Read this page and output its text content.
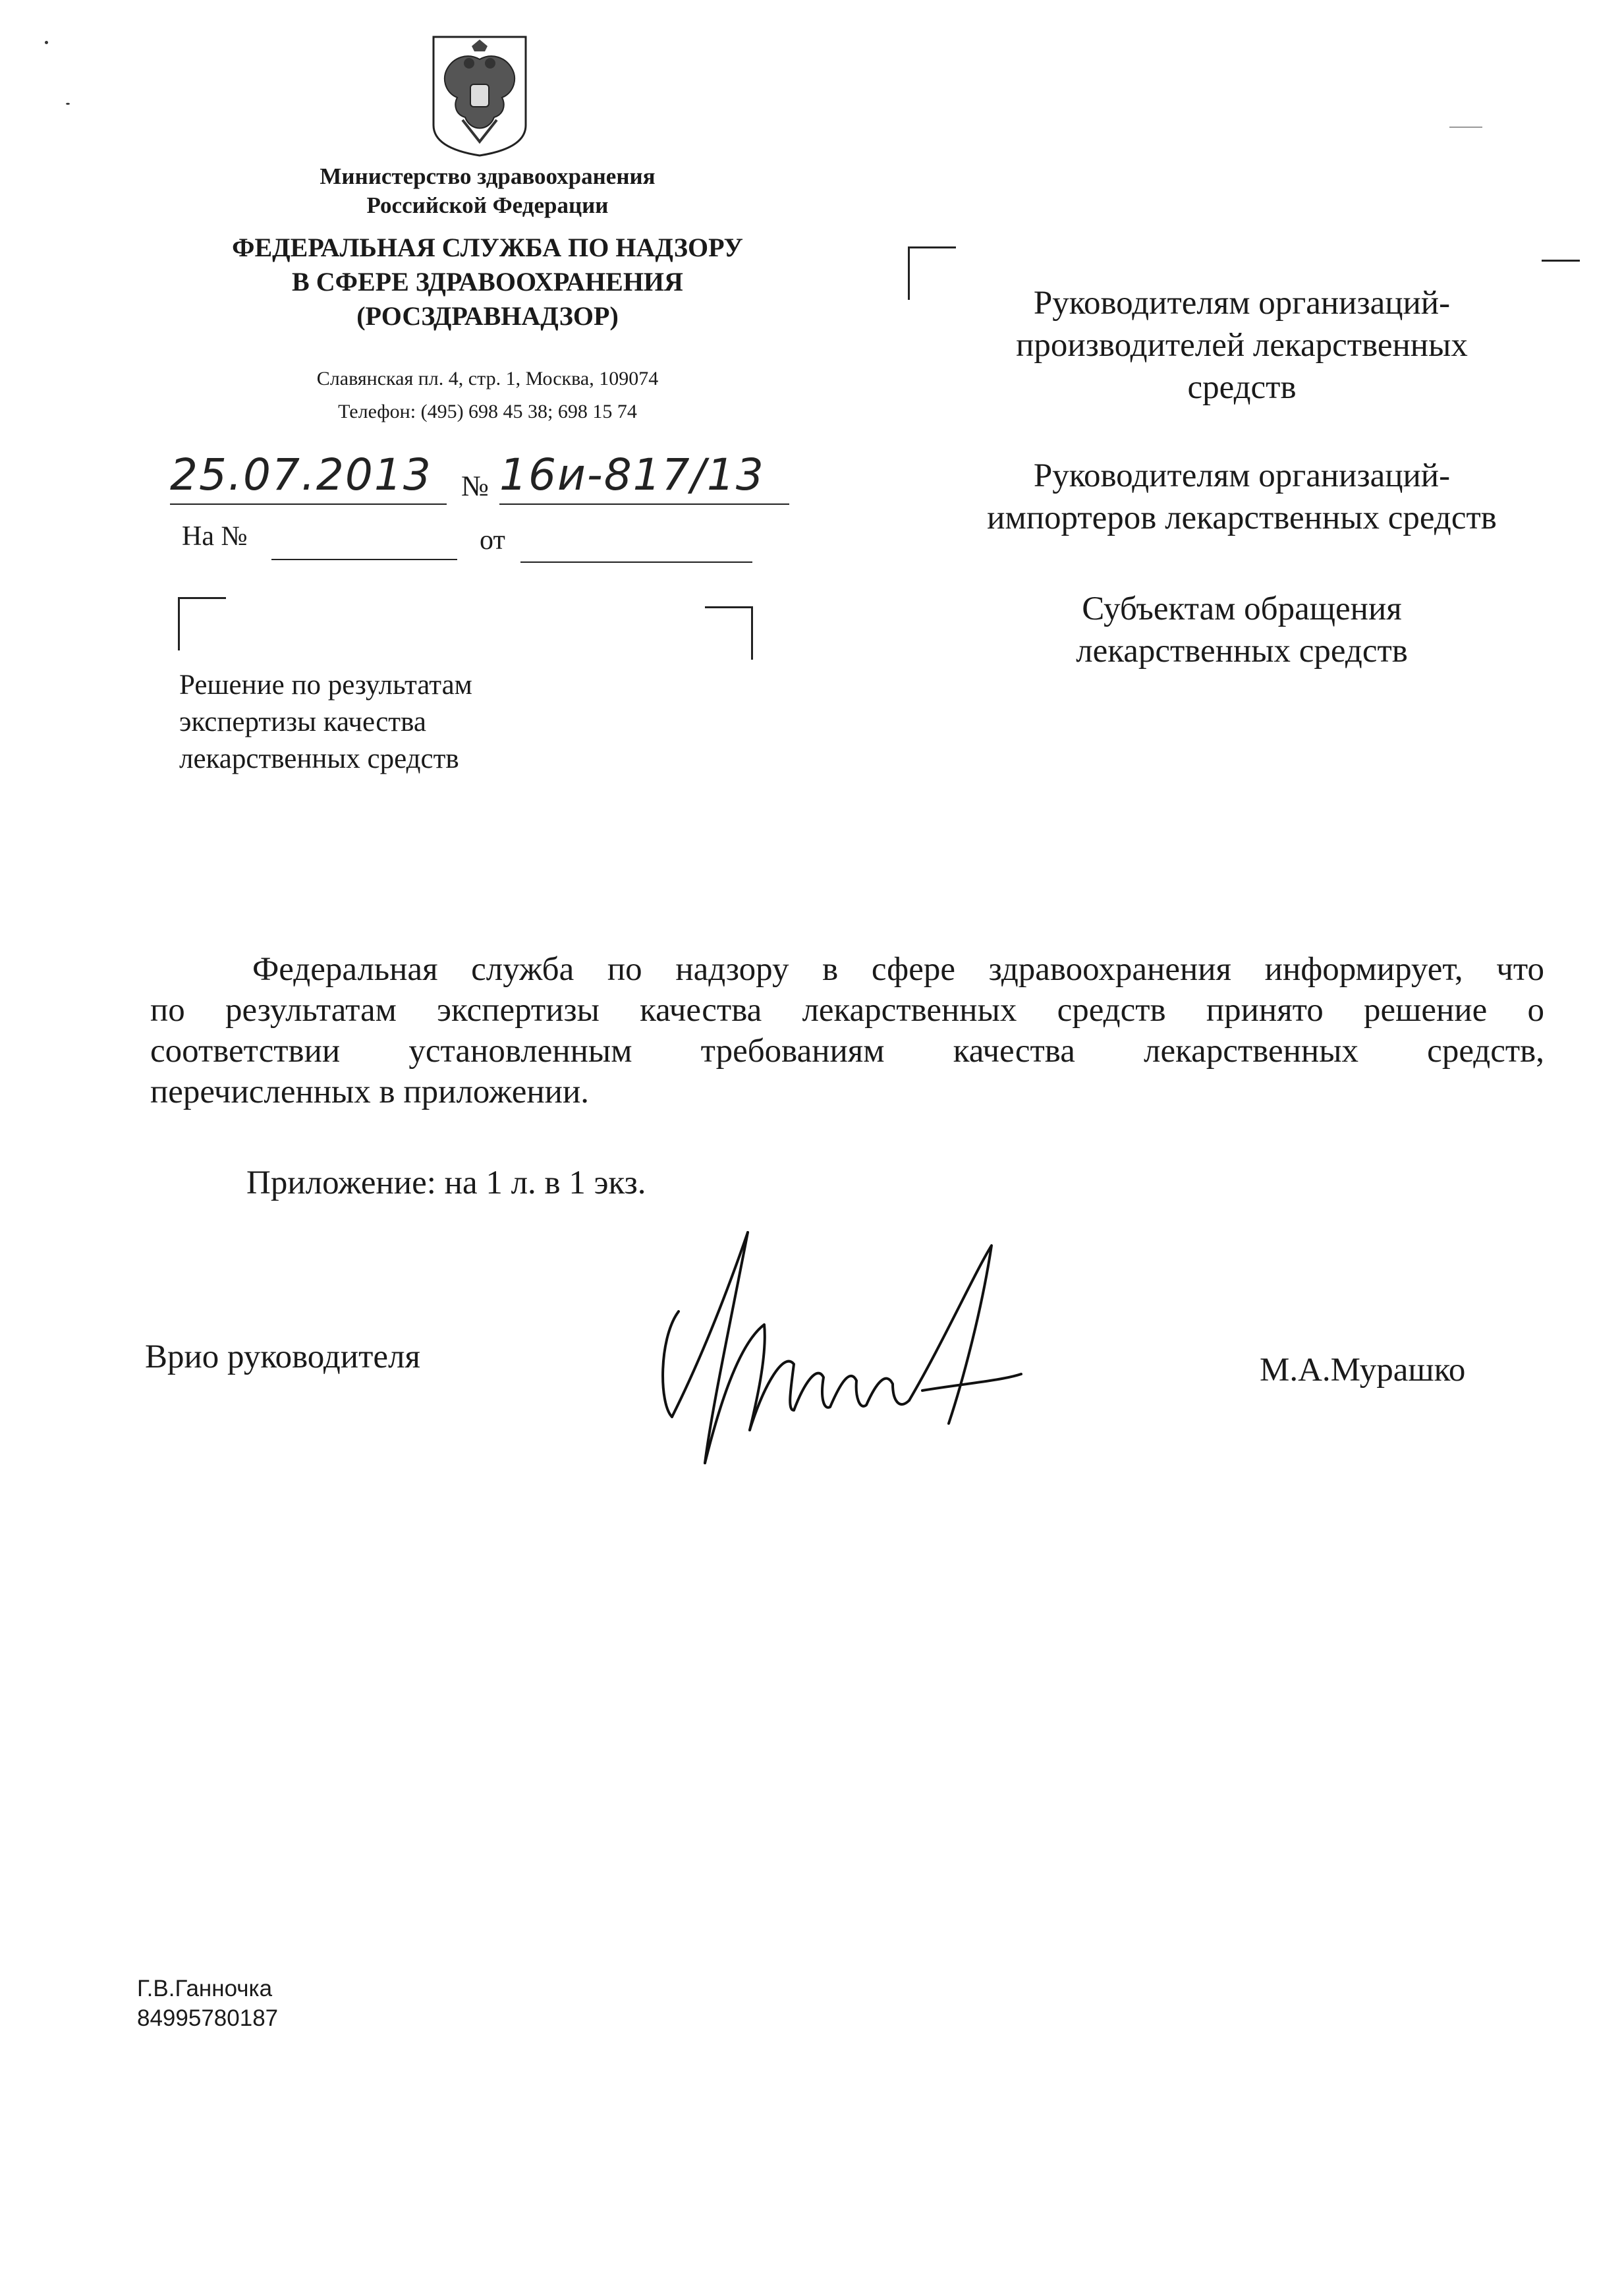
Министерство здравоохранения
Российской Федерации
ФЕДЕРАЛЬНАЯ СЛУЖБА ПО НАДЗОРУ
В СФЕРЕ ЗДРАВООХРАНЕНИЯ
(РОСЗДРАВНАДЗОР)
Славянская пл. 4, стр. 1, Москва, 109074
Телефон: (495) 698 45 38; 698 15 74
25.07.2013	№ 16и-817/13
На №	от
Решение по результатам
экспертизы качества
лекарственных средств
Руководителям организаций-
производителей лекарственных
средств
Руководителям организаций-
импортеров лекарственных средств
Субъектам обращения
лекарственных средств
Федеральная служба по надзору в сфере здравоохранения информирует, что
по результатам экспертизы качества лекарственных средств принято решение о
соответствии установленным требованиям качества лекарственных средств,
перечисленных в приложении.
Приложение: на 1 л. в 1 экз.
Врио руководителя	М.А.Мурашко
Г.В.Ганночка
84995780187
